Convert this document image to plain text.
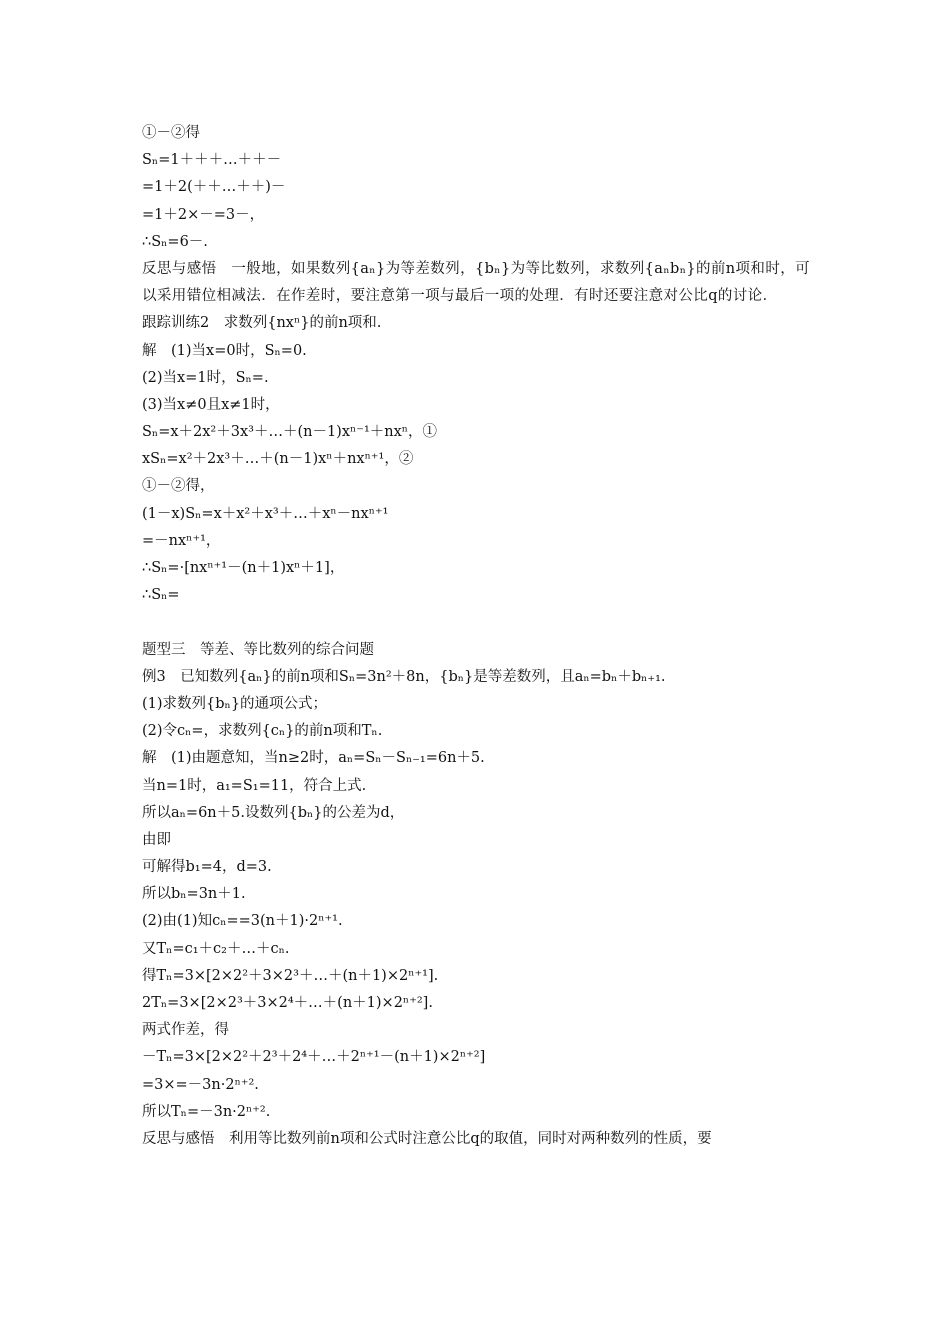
①－②得
Sₙ=1＋＋＋…＋＋－
=1＋2(＋＋…＋＋)－
=1＋2×－=3－，
∴Sₙ=6－.
反思与感悟　一般地，如果数列{aₙ}为等差数列，{bₙ}为等比数列，求数列{aₙbₙ}的前n项和时，可以采用错位相减法．在作差时，要注意第一项与最后一项的处理．有时还要注意对公比q的讨论．
跟踪训练2　求数列{nxⁿ}的前n项和.
解　(1)当x=0时，Sₙ=0.
(2)当x=1时，Sₙ=.
(3)当x≠0且x≠1时，
Sₙ=x＋2x²＋3x³＋…＋(n－1)xⁿ⁻¹＋nxⁿ，①
xSₙ=x²＋2x³＋…＋(n－1)xⁿ＋nxⁿ⁺¹，②
①－②得，
(1－x)Sₙ=x＋x²＋x³＋…＋xⁿ－nxⁿ⁺¹
=－nxⁿ⁺¹，
∴Sₙ=·[nxⁿ⁺¹－(n＋1)xⁿ＋1]，
∴Sₙ=
题型三　等差、等比数列的综合问题
例3　已知数列{aₙ}的前n项和Sₙ=3n²＋8n，{bₙ}是等差数列，且aₙ=bₙ＋bₙ₊₁.
(1)求数列{bₙ}的通项公式；
(2)令cₙ=，求数列{cₙ}的前n项和Tₙ.
解　(1)由题意知，当n≥2时，aₙ=Sₙ－Sₙ₋₁=6n＋5.
当n=1时，a₁=S₁=11，符合上式.
所以aₙ=6n＋5.设数列{bₙ}的公差为d，
由即
可解得b₁=4，d=3.
所以bₙ=3n＋1.
(2)由(1)知cₙ==3(n＋1)·2ⁿ⁺¹.
又Tₙ=c₁＋c₂＋…＋cₙ.
得Tₙ=3×[2×2²＋3×2³＋…＋(n＋1)×2ⁿ⁺¹].
2Tₙ=3×[2×2³＋3×2⁴＋…＋(n＋1)×2ⁿ⁺²].
两式作差，得
－Tₙ=3×[2×2²＋2³＋2⁴＋…＋2ⁿ⁺¹－(n＋1)×2ⁿ⁺²]
=3×=－3n·2ⁿ⁺².
所以Tₙ=－3n·2ⁿ⁺².
反思与感悟　利用等比数列前n项和公式时注意公比q的取值，同时对两种数列的性质，要
